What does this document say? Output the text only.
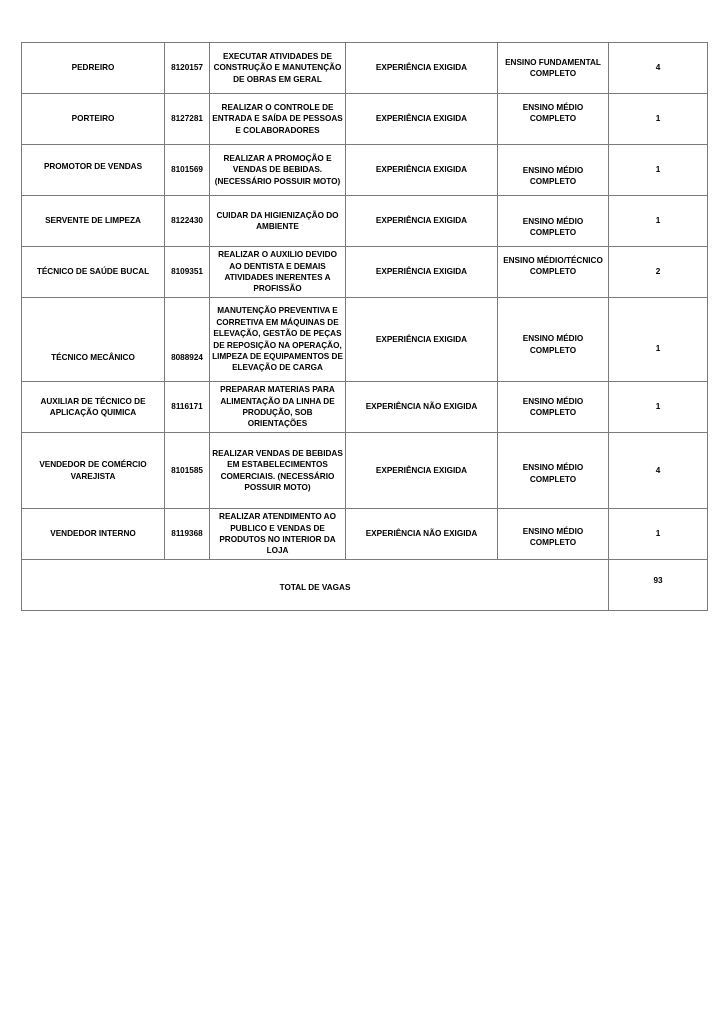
PEDREIRO	8120157	EXECUTAR ATIVIDADES DE CONSTRUÇÃO E MANUTENÇÃO DE OBRAS EM GERAL	EXPERIÊNCIA EXIGIDA	ENSINO FUNDAMENTAL COMPLETO	4
PORTEIRO	8127281	REALIZAR O CONTROLE DE ENTRADA E SAÍDA DE PESSOAS E COLABORADORES	EXPERIÊNCIA EXIGIDA	ENSINO MÉDIO COMPLETO	1
PROMOTOR DE VENDAS	8101569	REALIZAR A PROMOÇÃO E VENDAS DE BEBIDAS. (NECESSÁRIO POSSUIR MOTO)	EXPERIÊNCIA EXIGIDA	ENSINO MÉDIO COMPLETO	1
SERVENTE DE LIMPEZA	8122430	CUIDAR DA HIGIENIZAÇÃO DO AMBIENTE	EXPERIÊNCIA EXIGIDA	ENSINO MÉDIO COMPLETO	1
TÉCNICO DE SAÚDE BUCAL	8109351	REALIZAR O AUXILIO DEVIDO AO DENTISTA E DEMAIS ATIVIDADES INERENTES A PROFISSÃO	EXPERIÊNCIA EXIGIDA	ENSINO MÉDIO/TÉCNICO COMPLETO	2
TÉCNICO MECÂNICO	8088924	MANUTENÇÃO PREVENTIVA E CORRETIVA EM MÁQUINAS DE ELEVAÇÃO, GESTÃO DE PEÇAS DE REPOSIÇÃO NA OPERAÇÃO, LIMPEZA DE EQUIPAMENTOS DE ELEVAÇÃO DE CARGA	EXPERIÊNCIA EXIGIDA	ENSINO MÉDIO COMPLETO	1
AUXILIAR DE TÉCNICO DE APLICAÇÃO QUIMICA	8116171	PREPARAR MATERIAS PARA ALIMENTAÇÃO DA LINHA DE PRODUÇÃO, SOB ORIENTAÇÕES	EXPERIÊNCIA NÃO EXIGIDA	ENSINO MÉDIO COMPLETO	1
VENDEDOR DE COMÉRCIO VAREJISTA	8101585	REALIZAR VENDAS DE BEBIDAS EM ESTABELECIMENTOS COMERCIAIS. (NECESSÁRIO POSSUIR MOTO)	EXPERIÊNCIA EXIGIDA	ENSINO MÉDIO COMPLETO	4
VENDEDOR INTERNO	8119368	REALIZAR ATENDIMENTO AO PUBLICO E VENDAS DE PRODUTOS NO INTERIOR DA LOJA	EXPERIÊNCIA NÃO EXIGIDA	ENSINO MÉDIO COMPLETO	1
TOTAL DE VAGAS					93
